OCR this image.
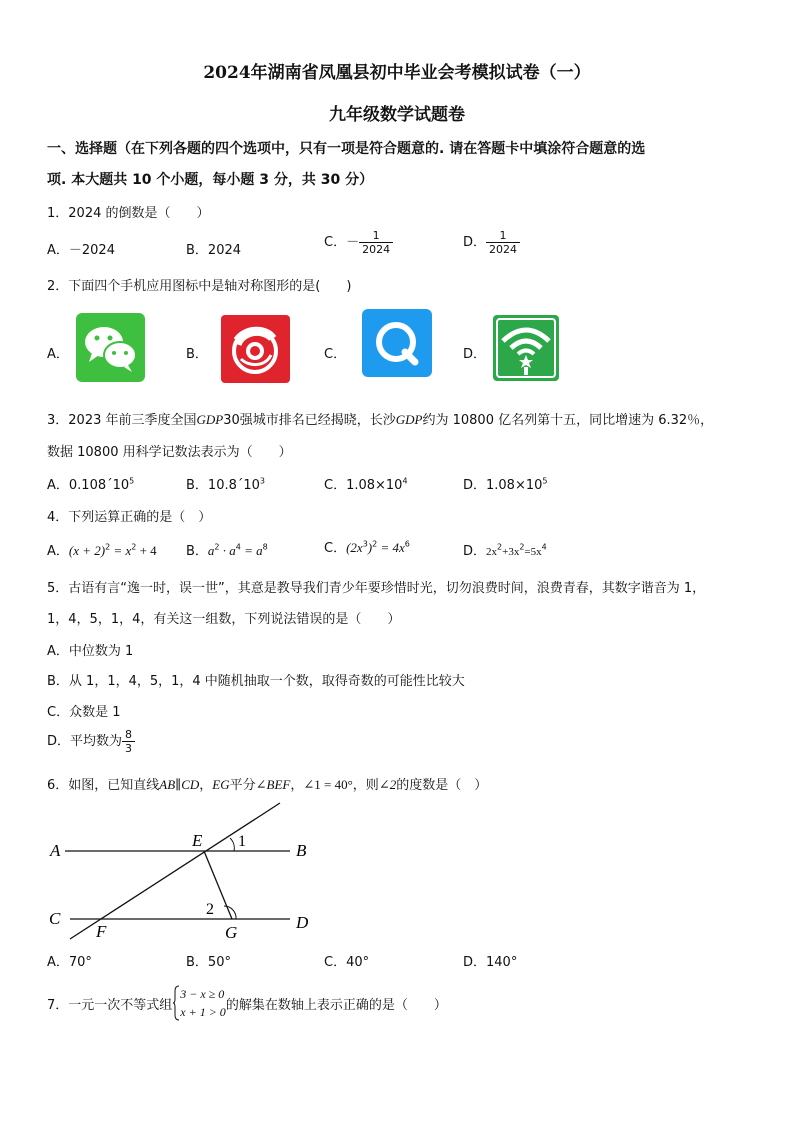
2024年湖南省凤凰县初中毕业会考模拟试卷（一）
九年级数学试题卷
一、选择题（在下列各题的四个选项中，只有一项是符合题意的. 请在答题卡中填涂符合题意的选
项. 本大题共 10 个小题，每小题 3 分，共 30 分）
1．2024 的倒数是（　　）
A．－2024	B．2024
C．－ $\frac{1}{2024}$	D． $\frac{1}{2024}$
2．下面四个手机应用图标中是轴对称图形的是(　　)
A．	B．	C．	D．
3．2023 年前三季度全国GDP30强城市排名已经揭晓，长沙GDP约为 10800 亿名列第十五，同比增速为 6.32％，
数据 10800 用科学记数法表示为（　　）
A．$0.108´10^5$	B．$10.8´10^3$	C．$1.08\times 10^4$	D．$1.08\times 10^5$
4．下列运算正确的是（　）
A．$(x + 2)^2 = x^2 + 4$ B．$a^2 \cdot a^4 = a^8$	C．$(2x^3)^2 = 4x^6$	D．$2x^2+3x^2=5x^4$
5．古语有言“逸一时，误一世”，其意是教导我们青少年要珍惜时光，切勿浪费时间，浪费青春，其数字谐音为 1，
1，4，5，1，4，有关这一组数，下列说法错误的是（　　）
A．中位数为 1
B．从 1，1，4，5，1，4 中随机抽取一个数，取得奇数的可能性比较大
C．众数是 1
D．平均数为 $\frac{8}{3}$
6．如图，已知直线AB∥CD，EG平分∠BEF，∠1 = 40°，则∠2的度数是（　）
A	B
C	D
E
F	G
1
2
A．70°	B．50°	C．40°	D．140°
7．一元一次不等式组
3 − x ≥ 0
x + 1 > 0 的解集在数轴上表示正确的是（　　）
